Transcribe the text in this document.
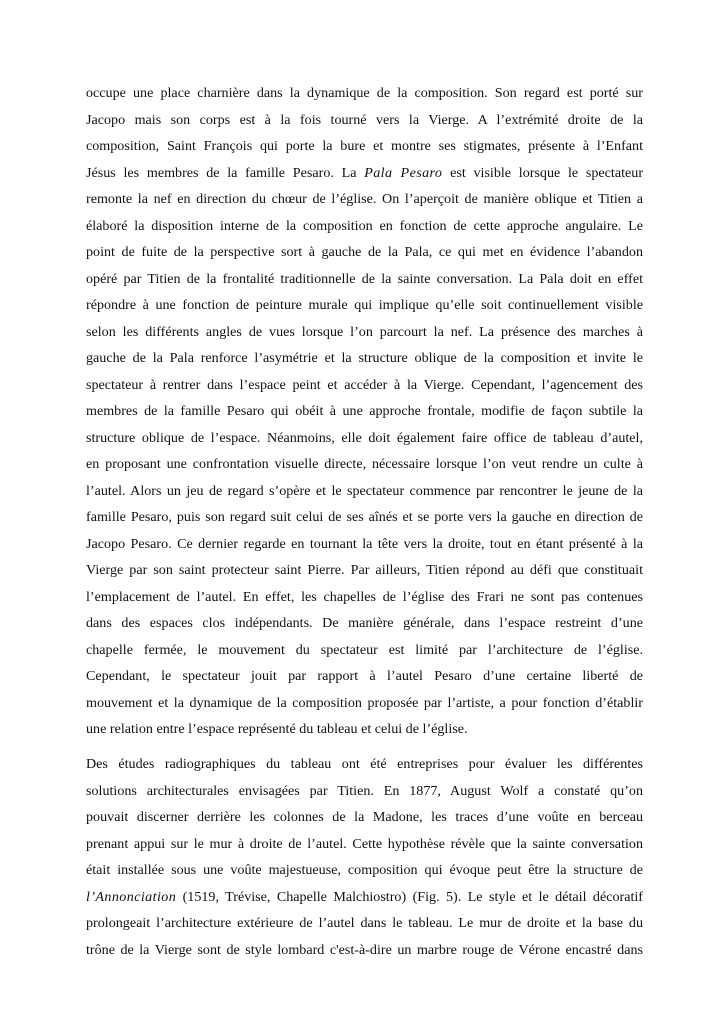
occupe une place charnière dans la dynamique de la composition. Son regard est porté sur
Jacopo mais son corps est à la fois tourné vers la Vierge. A l’extrémité droite de la
composition, Saint François qui porte la bure et montre ses stigmates, présente à l’Enfant
Jésus les membres de la famille Pesaro. La Pala Pesaro est visible lorsque le spectateur
remonte la nef en direction du chœur de l’église. On l’aperçoit de manière oblique et Titien a
élaboré la disposition interne de la composition en fonction de cette approche angulaire. Le
point de fuite de la perspective sort à gauche de la Pala, ce qui met en évidence l’abandon
opéré par Titien de la frontalité traditionnelle de la sainte conversation. La Pala doit en effet
répondre à une fonction de peinture murale qui implique qu’elle soit continuellement visible
selon les différents angles de vues lorsque l’on parcourt la nef. La présence des marches à
gauche de la Pala renforce l’asymétrie et la structure oblique de la composition et invite le
spectateur à rentrer dans l’espace peint et accéder à la Vierge. Cependant, l’agencement des
membres de la famille Pesaro qui obéit à une approche frontale, modifie de façon subtile la
structure oblique de l’espace. Néanmoins, elle doit également faire office de tableau d’autel,
en proposant une confrontation visuelle directe, nécessaire lorsque l’on veut rendre un culte à
l’autel. Alors un jeu de regard s’opère et le spectateur commence par rencontrer le jeune de la
famille Pesaro, puis son regard suit celui de ses aînés et se porte vers la gauche en direction de
Jacopo Pesaro. Ce dernier regarde en tournant la tête vers la droite, tout en étant présenté à la
Vierge par son saint protecteur saint Pierre. Par ailleurs, Titien répond au défi que constituait
l’emplacement de l’autel. En effet, les chapelles de l’église des Frari ne sont pas contenues
dans des espaces clos indépendants. De manière générale, dans l’espace restreint d’une
chapelle fermée, le mouvement du spectateur est limité par l’architecture de l’église.
Cependant, le spectateur jouit par rapport à l’autel Pesaro d’une certaine liberté de
mouvement et la dynamique de la composition proposée par l’artiste, a pour fonction d’établir
une relation entre l’espace représenté du tableau et celui de l’église.
Des études radiographiques du tableau ont été entreprises pour évaluer les différentes
solutions architecturales envisagées par Titien. En 1877, August Wolf a constaté qu’on
pouvait discerner derrière les colonnes de la Madone, les traces d’une voûte en berceau
prenant appui sur le mur à droite de l’autel. Cette hypothèse révèle que la sainte conversation
était installée sous une voûte majestueuse, composition qui évoque peut être la structure de
l’Annonciation (1519, Trévise, Chapelle Malchiostro) (Fig. 5). Le style et le détail décoratif
prolongeait l’architecture extérieure de l’autel dans le tableau. Le mur de droite et la base du
trône de la Vierge sont de style lombard c'est-à-dire un marbre rouge de Vérone encastré dans
